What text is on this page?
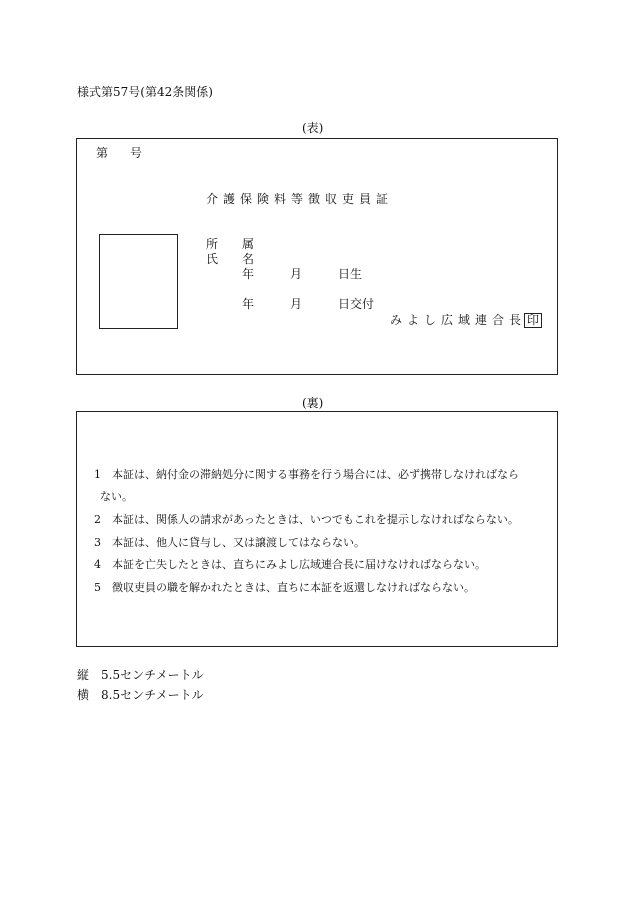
様式第57号(第42条関係)
(表)
第 号
介護保険料等徴収吏員証
所 属
氏 名
年	月	日生
年	月	日交付
みよし広域連合長 印
(裏)
1 本証は、納付金の滞納処分に関する事務を行う場合には、必ず携帯しなければなら
ない。
2 本証は、関係人の請求があったときは、いつでもこれを提示しなければならない。
3 本証は、他人に貸与し、又は譲渡してはならない。
4 本証を亡失したときは、直ちにみよし広域連合長に届けなければならない。
5 徴収吏員の職を解かれたときは、直ちに本証を返還しなければならない。
縦 5.5センチメートル
横 8.5センチメートル
